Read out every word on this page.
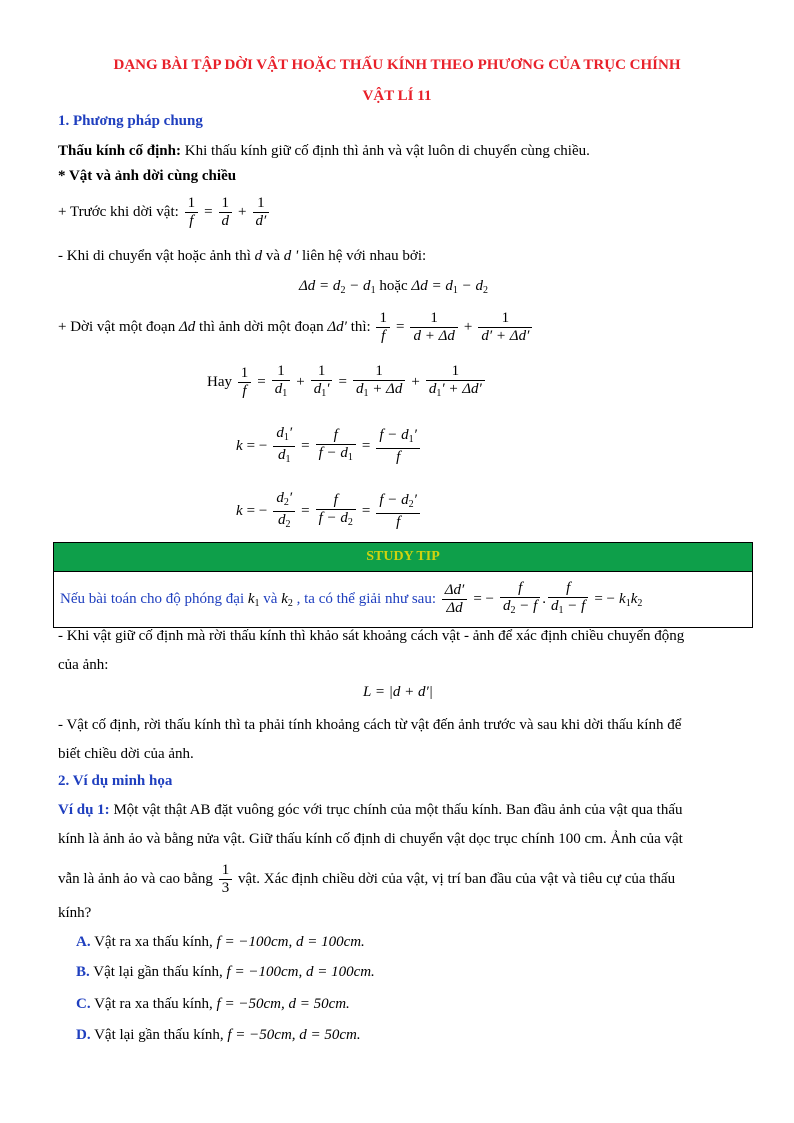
DẠNG BÀI TẬP DỜI VẬT HOẶC THẤU KÍNH THEO PHƯƠNG CỦA TRỤC CHÍNH
VẬT LÍ 11
1. Phương pháp chung
Thấu kính cố định: Khi thấu kính giữ cố định thì ảnh và vật luôn di chuyển cùng chiều.
* Vật và ảnh dời cùng chiều
+ Trước khi dời vật: $\frac{1}{f} = \frac{1}{d} + \frac{1}{d'}$
- Khi di chuyển vật hoặc ảnh thì d và d ' liên hệ với nhau bởi:
$\Delta d = d_2 - d_1$ hoặc $\Delta d = d_1 - d_2$
+ Dời vật một đoạn Δd thì ảnh dời một đoạn Δd′ thì: $\frac{1}{f} = \frac{1}{d + \Delta d} + \frac{1}{d' + \Delta d'}$
Hay $\frac{1}{f} = \frac{1}{d_1} + \frac{1}{d_1'} = \frac{1}{d_1 + \Delta d} + \frac{1}{d_1' + \Delta d'}$
k = − $\frac{d_1'}{d_1} = \frac{f}{f - d_1} = \frac{f - d_1'}{f}$
k = − $\frac{d_2'}{d_2} = \frac{f}{f - d_2} = \frac{f - d_2'}{f}$
STUDY TIP
Nếu bài toán cho độ phóng đại $k_1$ và $k_2$ , ta có thể giải như sau: $\frac{\Delta d'}{\Delta d}$ = − $\frac{f}{d_2 - f}$ . $\frac{f}{d_1 - f}$ = − $k_1k_2$
- Khi vật giữ cố định mà rời thấu kính thì khảo sát khoảng cách vật - ảnh để xác định chiều chuyển động
của ảnh:
L = |d + d′|
- Vật cố định, rời thấu kính thì ta phải tính khoảng cách từ vật đến ảnh trước và sau khi dời thấu kính để
biết chiều dời của ảnh.
2. Ví dụ minh họa
Ví dụ 1: Một vật thật AB đặt vuông góc với trục chính của một thấu kính. Ban đầu ảnh của vật qua thấu
kính là ảnh ảo và bằng nửa vật. Giữ thấu kính cố định di chuyển vật dọc trục chính 100 cm. Ảnh của vật
vẫn là ảnh ảo và cao bằng $\frac{1}{3}$ vật. Xác định chiều dời của vật, vị trí ban đầu của vật và tiêu cự của thấu
kính?
A. Vật ra xa thấu kính, f = −100cm, d = 100cm.
B. Vật lại gần thấu kính, f = −100cm, d = 100cm.
C. Vật ra xa thấu kính, f = −50cm, d = 50cm.
D. Vật lại gần thấu kính, f = −50cm, d = 50cm.
